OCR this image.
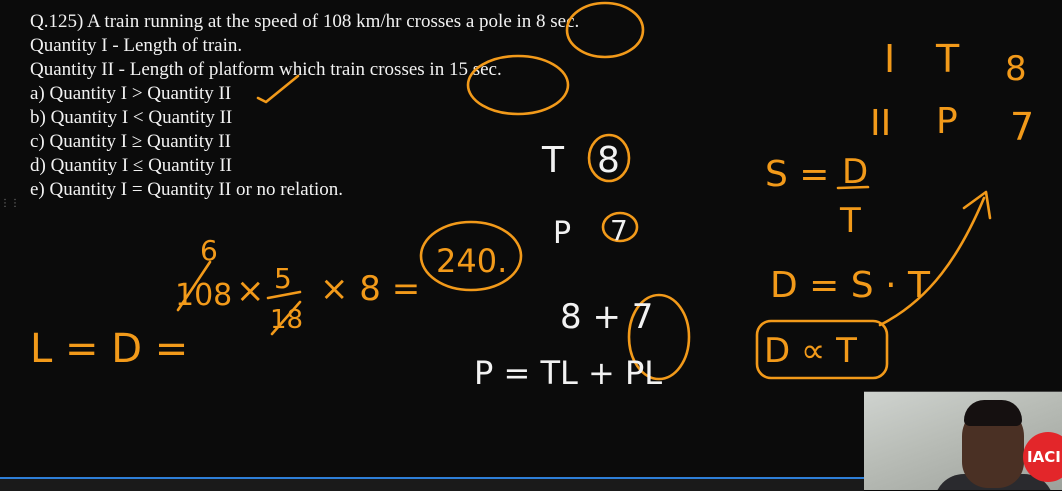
Q.125) A train running at the speed of 108 km/hr crosses a pole in 8 sec.
Quantity I - Length of train.
Quantity II - Length of platform which train crosses in 15 sec.
a) Quantity I > Quantity II
b) Quantity I < Quantity II
c) Quantity I ≥ Quantity II
d) Quantity I ≤ Quantity II
e) Quantity I = Quantity II or no relation.
⋮⋮
I T 8
II P 7
S = D
T
D = S · T
D ∝ T
T 8
P 7
L = D =
108
6
× 5
18
× 8 =
240.
8 + 7
P = TL + PL
IACI
